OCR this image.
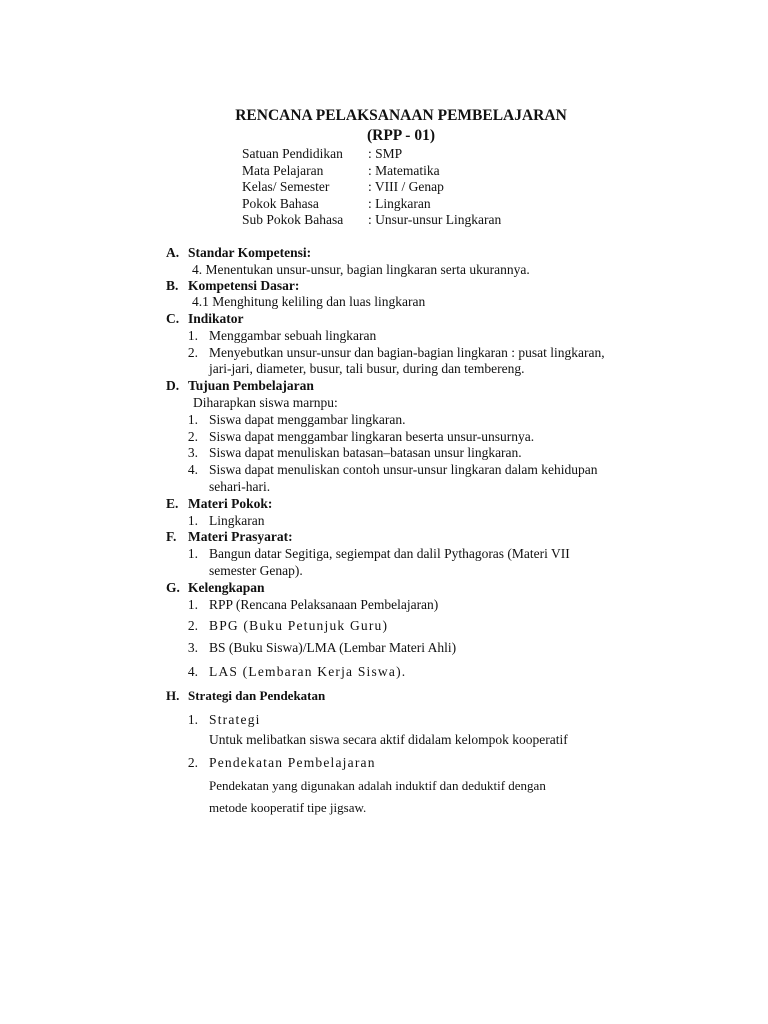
RENCANA PELAKSANAAN PEMBELAJARAN
(RPP - 01)
Satuan Pendidikan : SMP
Mata Pelajaran	: Matematika
Kelas/ Semester	: VIII / Genap
Pokok Bahasa	: Lingkaran
Sub Pokok Bahasa : Unsur-unsur Lingkaran
A. Standar Kompetensi:
4. Menentukan unsur-unsur, bagian lingkaran serta ukurannya.
B. Kompetensi Dasar:
4.1 Menghitung keliling dan luas lingkaran
C. Indikator
1. Menggambar sebuah lingkaran
2. Menyebutkan unsur-unsur dan bagian-bagian lingkaran : pusat lingkaran,
jari-jari, diameter, busur, tali busur, during dan tembereng.
D. Tujuan Pembelajaran
Diharapkan siswa marnpu:
1. Siswa dapat menggambar lingkaran.
2. Siswa dapat menggambar lingkaran beserta unsur-unsurnya.
3. Siswa dapat menuliskan batasan–batasan unsur lingkaran.
4. Siswa dapat menuliskan contoh unsur-unsur lingkaran dalam kehidupan
sehari-hari.
E. Materi Pokok:
1. Lingkaran
F. Materi Prasyarat:
1. Bangun datar Segitiga, segiempat dan dalil Pythagoras (Materi VII
semester Genap).
G. Kelengkapan
1. RPP (Rencana Pelaksanaan Pembelajaran)
2. BPG (Buku Petunjuk Guru)
3. BS (Buku Siswa)/LMA (Lembar Materi Ahli)
4. LAS (Lembaran Kerja Siswa).
H. Strategi dan Pendekatan
1. Strategi
Untuk melibatkan siswa secara aktif didalam kelompok kooperatif
2. Pendekatan Pembelajaran
Pendekatan yang digunakan adalah induktif dan deduktif dengan
metode kooperatif tipe jigsaw.
